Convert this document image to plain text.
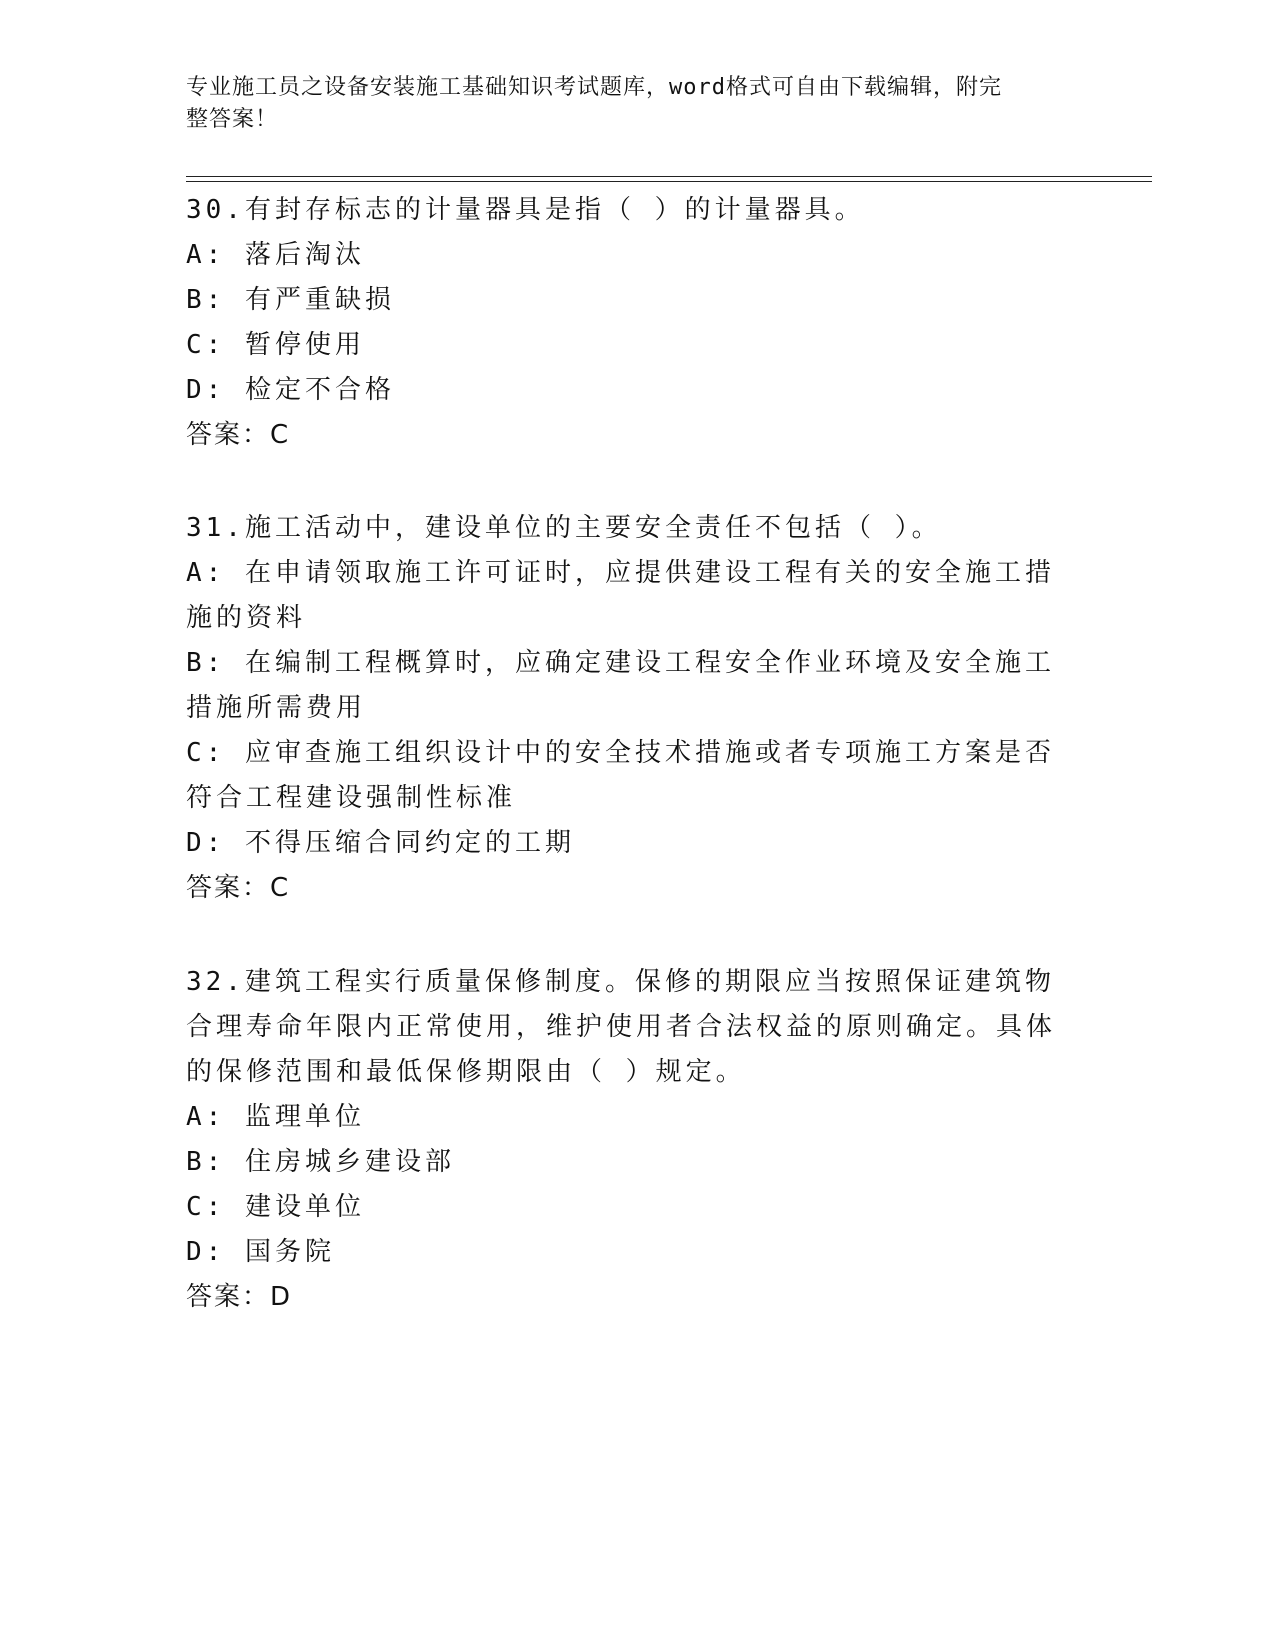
专业施工员之设备安装施工基础知识考试题库，word格式可自由下载编辑，附完
整答案！
30.有封存标志的计量器具是指（ ）的计量器具。
A: 落后淘汰
B: 有严重缺损
C: 暂停使用
D: 检定不合格
答案：C
31.施工活动中，建设单位的主要安全责任不包括（ ）。
A: 在申请领取施工许可证时，应提供建设工程有关的安全施工措施的资料
B: 在编制工程概算时，应确定建设工程安全作业环境及安全施工措施所需费用
C: 应审查施工组织设计中的安全技术措施或者专项施工方案是否符合工程建设强制性标准
D: 不得压缩合同约定的工期
答案：C
32.建筑工程实行质量保修制度。保修的期限应当按照保证建筑物合理寿命年限内正常使用，维护使用者合法权益的原则确定。具体的保修范围和最低保修期限由（ ）规定。
A: 监理单位
B: 住房城乡建设部
C: 建设单位
D: 国务院
答案：D
